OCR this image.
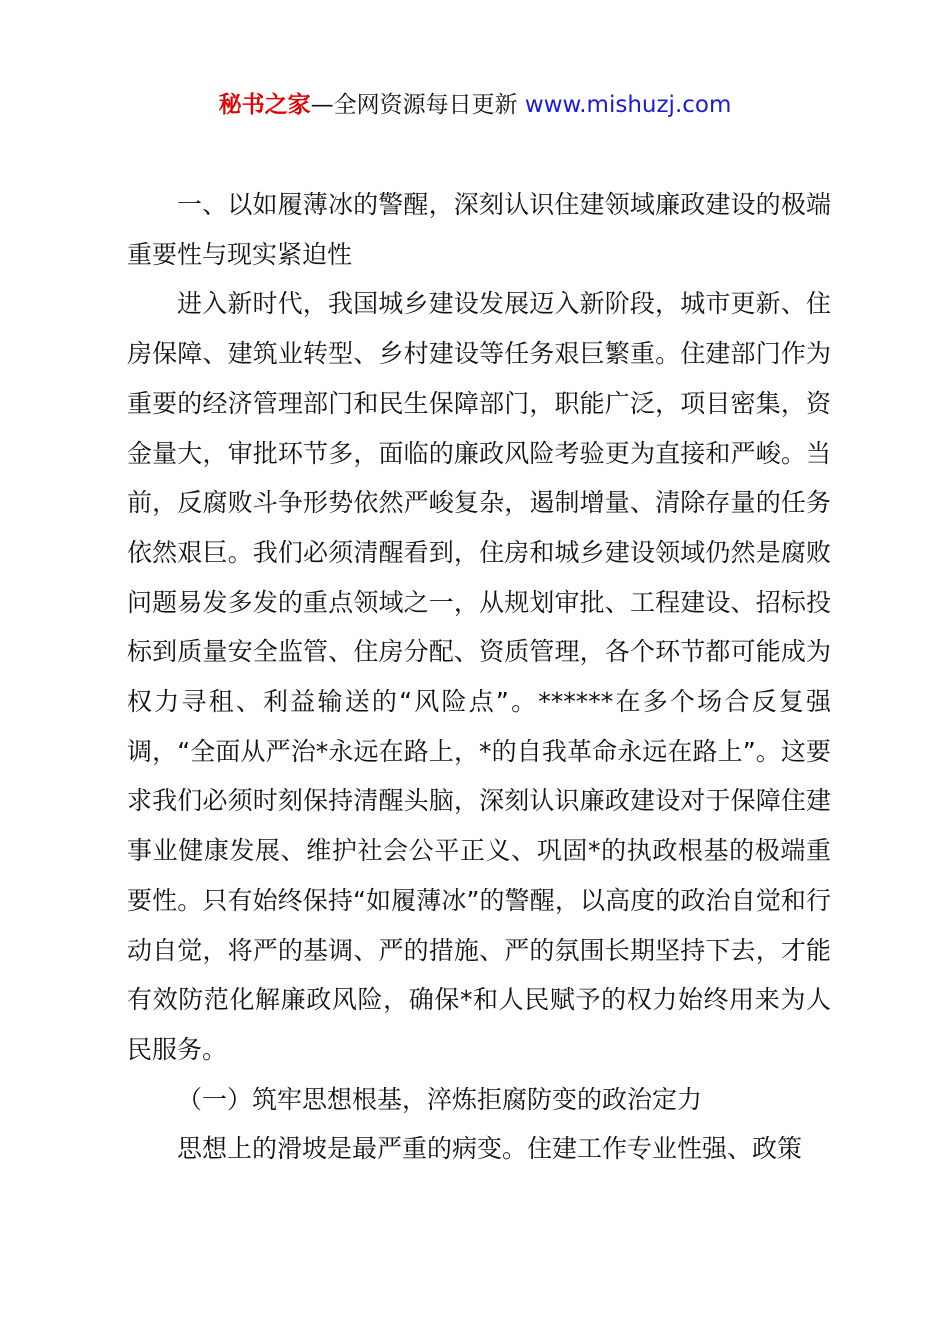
秘书之家—全网资源每日更新 www.mishuzj.com

一、以如履薄冰的警醒，深刻认识住建领域廉政建设的极端重要性与现实紧迫性

进入新时代，我国城乡建设发展迈入新阶段，城市更新、住房保障、建筑业转型、乡村建设等任务艰巨繁重。住建部门作为重要的经济管理部门和民生保障部门，职能广泛，项目密集，资金量大，审批环节多，面临的廉政风险考验更为直接和严峻。当前，反腐败斗争形势依然严峻复杂，遏制增量、清除存量的任务依然艰巨。我们必须清醒看到，住房和城乡建设领域仍然是腐败问题易发多发的重点领域之一，从规划审批、工程建设、招标投标到质量安全监管、住房分配、资质管理，各个环节都可能成为权力寻租、利益输送的“风险点”。******在多个场合反复强调，“全面从严治*永远在路上，*的自我革命永远在路上”。这要求我们必须时刻保持清醒头脑，深刻认识廉政建设对于保障住建事业健康发展、维护社会公平正义、巩固*的执政根基的极端重要性。只有始终保持“如履薄冰”的警醒，以高度的政治自觉和行动自觉，将严的基调、严的措施、严的氛围长期坚持下去，才能有效防范化解廉政风险，确保*和人民赋予的权力始终用来为人民服务。

（一）筑牢思想根基，淬炼拒腐防变的政治定力

思想上的滑坡是最严重的病变。住建工作专业性强、政策
